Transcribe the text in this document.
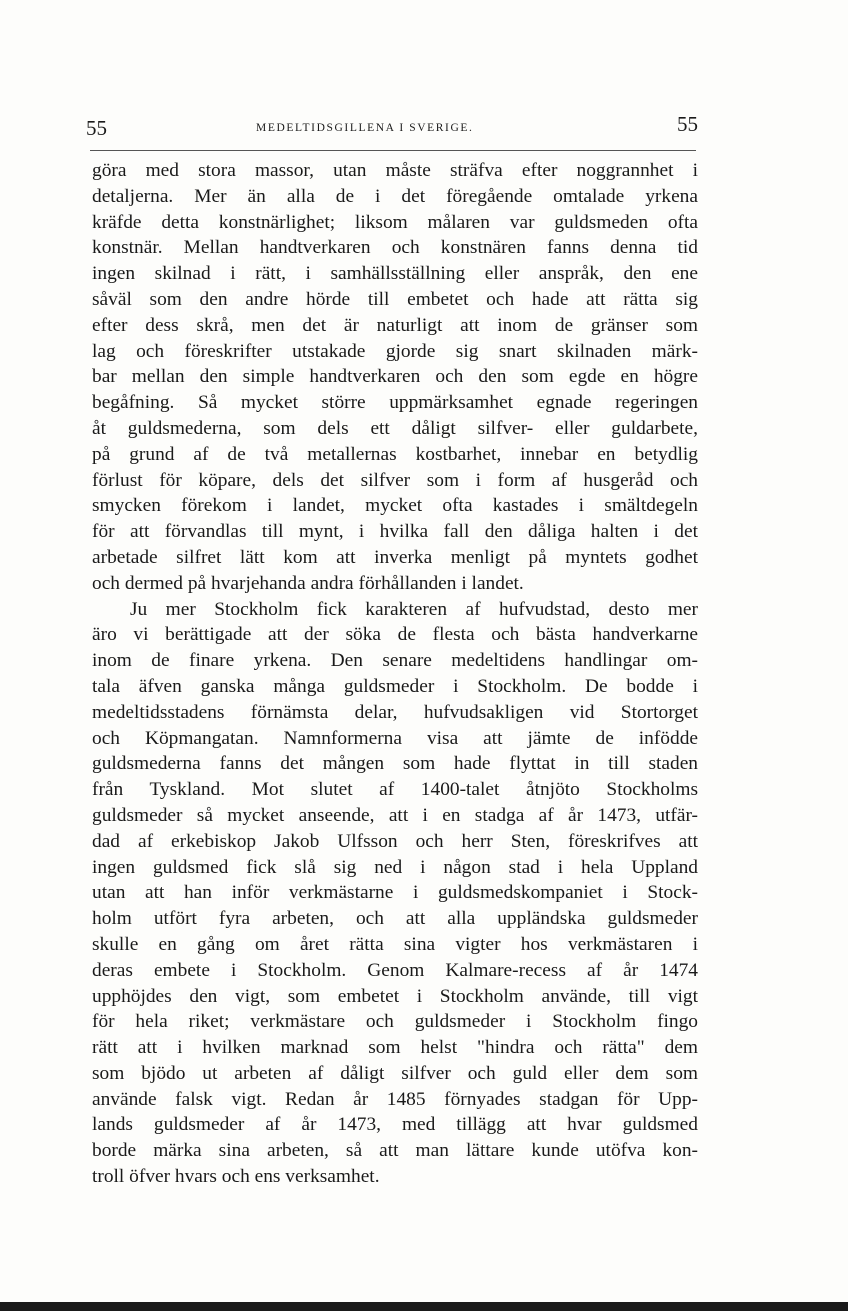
55	MEDELTIDSGILLENA I SVERIGE.	55
göra med stora massor, utan måste sträfva efter noggrannhet i
detaljerna. Mer än alla de i det föregående omtalade yrkena
kräfde detta konstnärlighet; liksom målaren var guldsmeden ofta
konstnär. Mellan handtverkaren och konstnären fanns denna tid
ingen skilnad i rätt, i samhällsställning eller anspråk, den ene
såväl som den andre hörde till embetet och hade att rätta sig
efter dess skrå, men det är naturligt att inom de gränser som
lag och föreskrifter utstakade gjorde sig snart skilnaden märk-
bar mellan den simple handtverkaren och den som egde en högre
begåfning. Så mycket större uppmärksamhet egnade regeringen
åt guldsmederna, som dels ett dåligt silfver- eller guldarbete,
på grund af de två metallernas kostbarhet, innebar en betydlig
förlust för köpare, dels det silfver som i form af husgeråd och
smycken förekom i landet, mycket ofta kastades i smältdegeln
för att förvandlas till mynt, i hvilka fall den dåliga halten i det
arbetade silfret lätt kom att inverka menligt på myntets godhet
och dermed på hvarjehanda andra förhållanden i landet.
Ju mer Stockholm fick karakteren af hufvudstad, desto mer
äro vi berättigade att der söka de flesta och bästa handverkarne
inom de finare yrkena. Den senare medeltidens handlingar om-
tala äfven ganska många guldsmeder i Stockholm. De bodde i
medeltidsstadens förnämsta delar, hufvudsakligen vid Stortorget
och Köpmangatan. Namnformerna visa att jämte de infödde
guldsmederna fanns det mången som hade flyttat in till staden
från Tyskland. Mot slutet af 1400-talet åtnjöto Stockholms
guldsmeder så mycket anseende, att i en stadga af år 1473, utfär-
dad af erkebiskop Jakob Ulfsson och herr Sten, föreskrifves att
ingen guldsmed fick slå sig ned i någon stad i hela Uppland
utan att han inför verkmästarne i guldsmedskompaniet i Stock-
holm utfört fyra arbeten, och att alla uppländska guldsmeder
skulle en gång om året rätta sina vigter hos verkmästaren i
deras embete i Stockholm. Genom Kalmare-recess af år 1474
upphöjdes den vigt, som embetet i Stockholm använde, till vigt
för hela riket; verkmästare och guldsmeder i Stockholm fingo
rätt att i hvilken marknad som helst "hindra och rätta" dem
som bjödo ut arbeten af dåligt silfver och guld eller dem som
använde falsk vigt. Redan år 1485 förnyades stadgan för Upp-
lands guldsmeder af år 1473, med tillägg att hvar guldsmed
borde märka sina arbeten, så att man lättare kunde utöfva kon-
troll öfver hvars och ens verksamhet.
